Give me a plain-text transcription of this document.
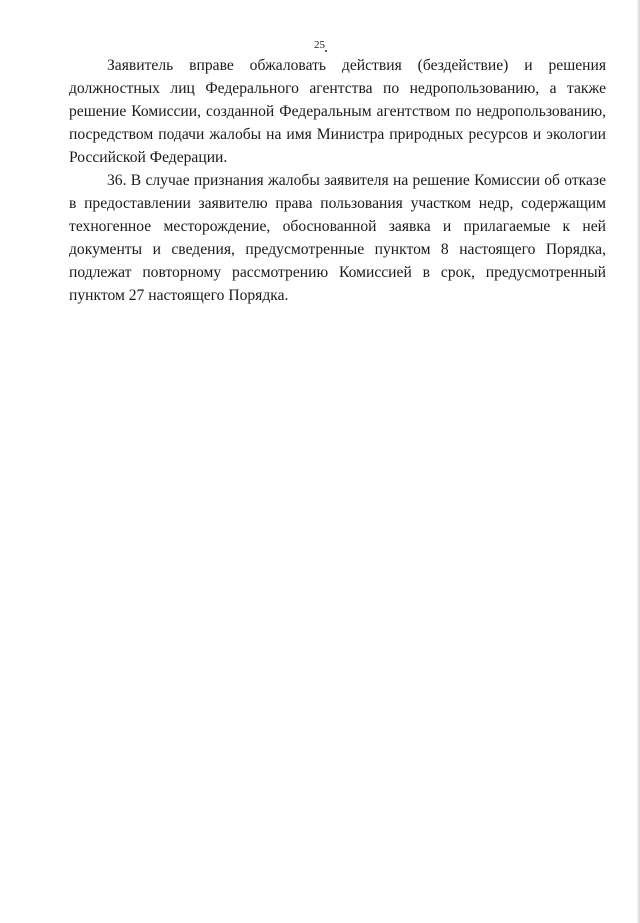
25

Заявитель вправе обжаловать действия (бездействие) и решения должностных лиц Федерального агентства по недропользованию, а также решение Комиссии, созданной Федеральным агентством по недропользованию, посредством подачи жалобы на имя Министра природных ресурсов и экологии Российской Федерации.

36. В случае признания жалобы заявителя на решение Комиссии об отказе в предоставлении заявителю права пользования участком недр, содержащим техногенное месторождение, обоснованной заявка и прилагаемые к ней документы и сведения, предусмотренные пунктом 8 настоящего Порядка, подлежат повторному рассмотрению Комиссией в срок, предусмотренный пунктом 27 настоящего Порядка.
